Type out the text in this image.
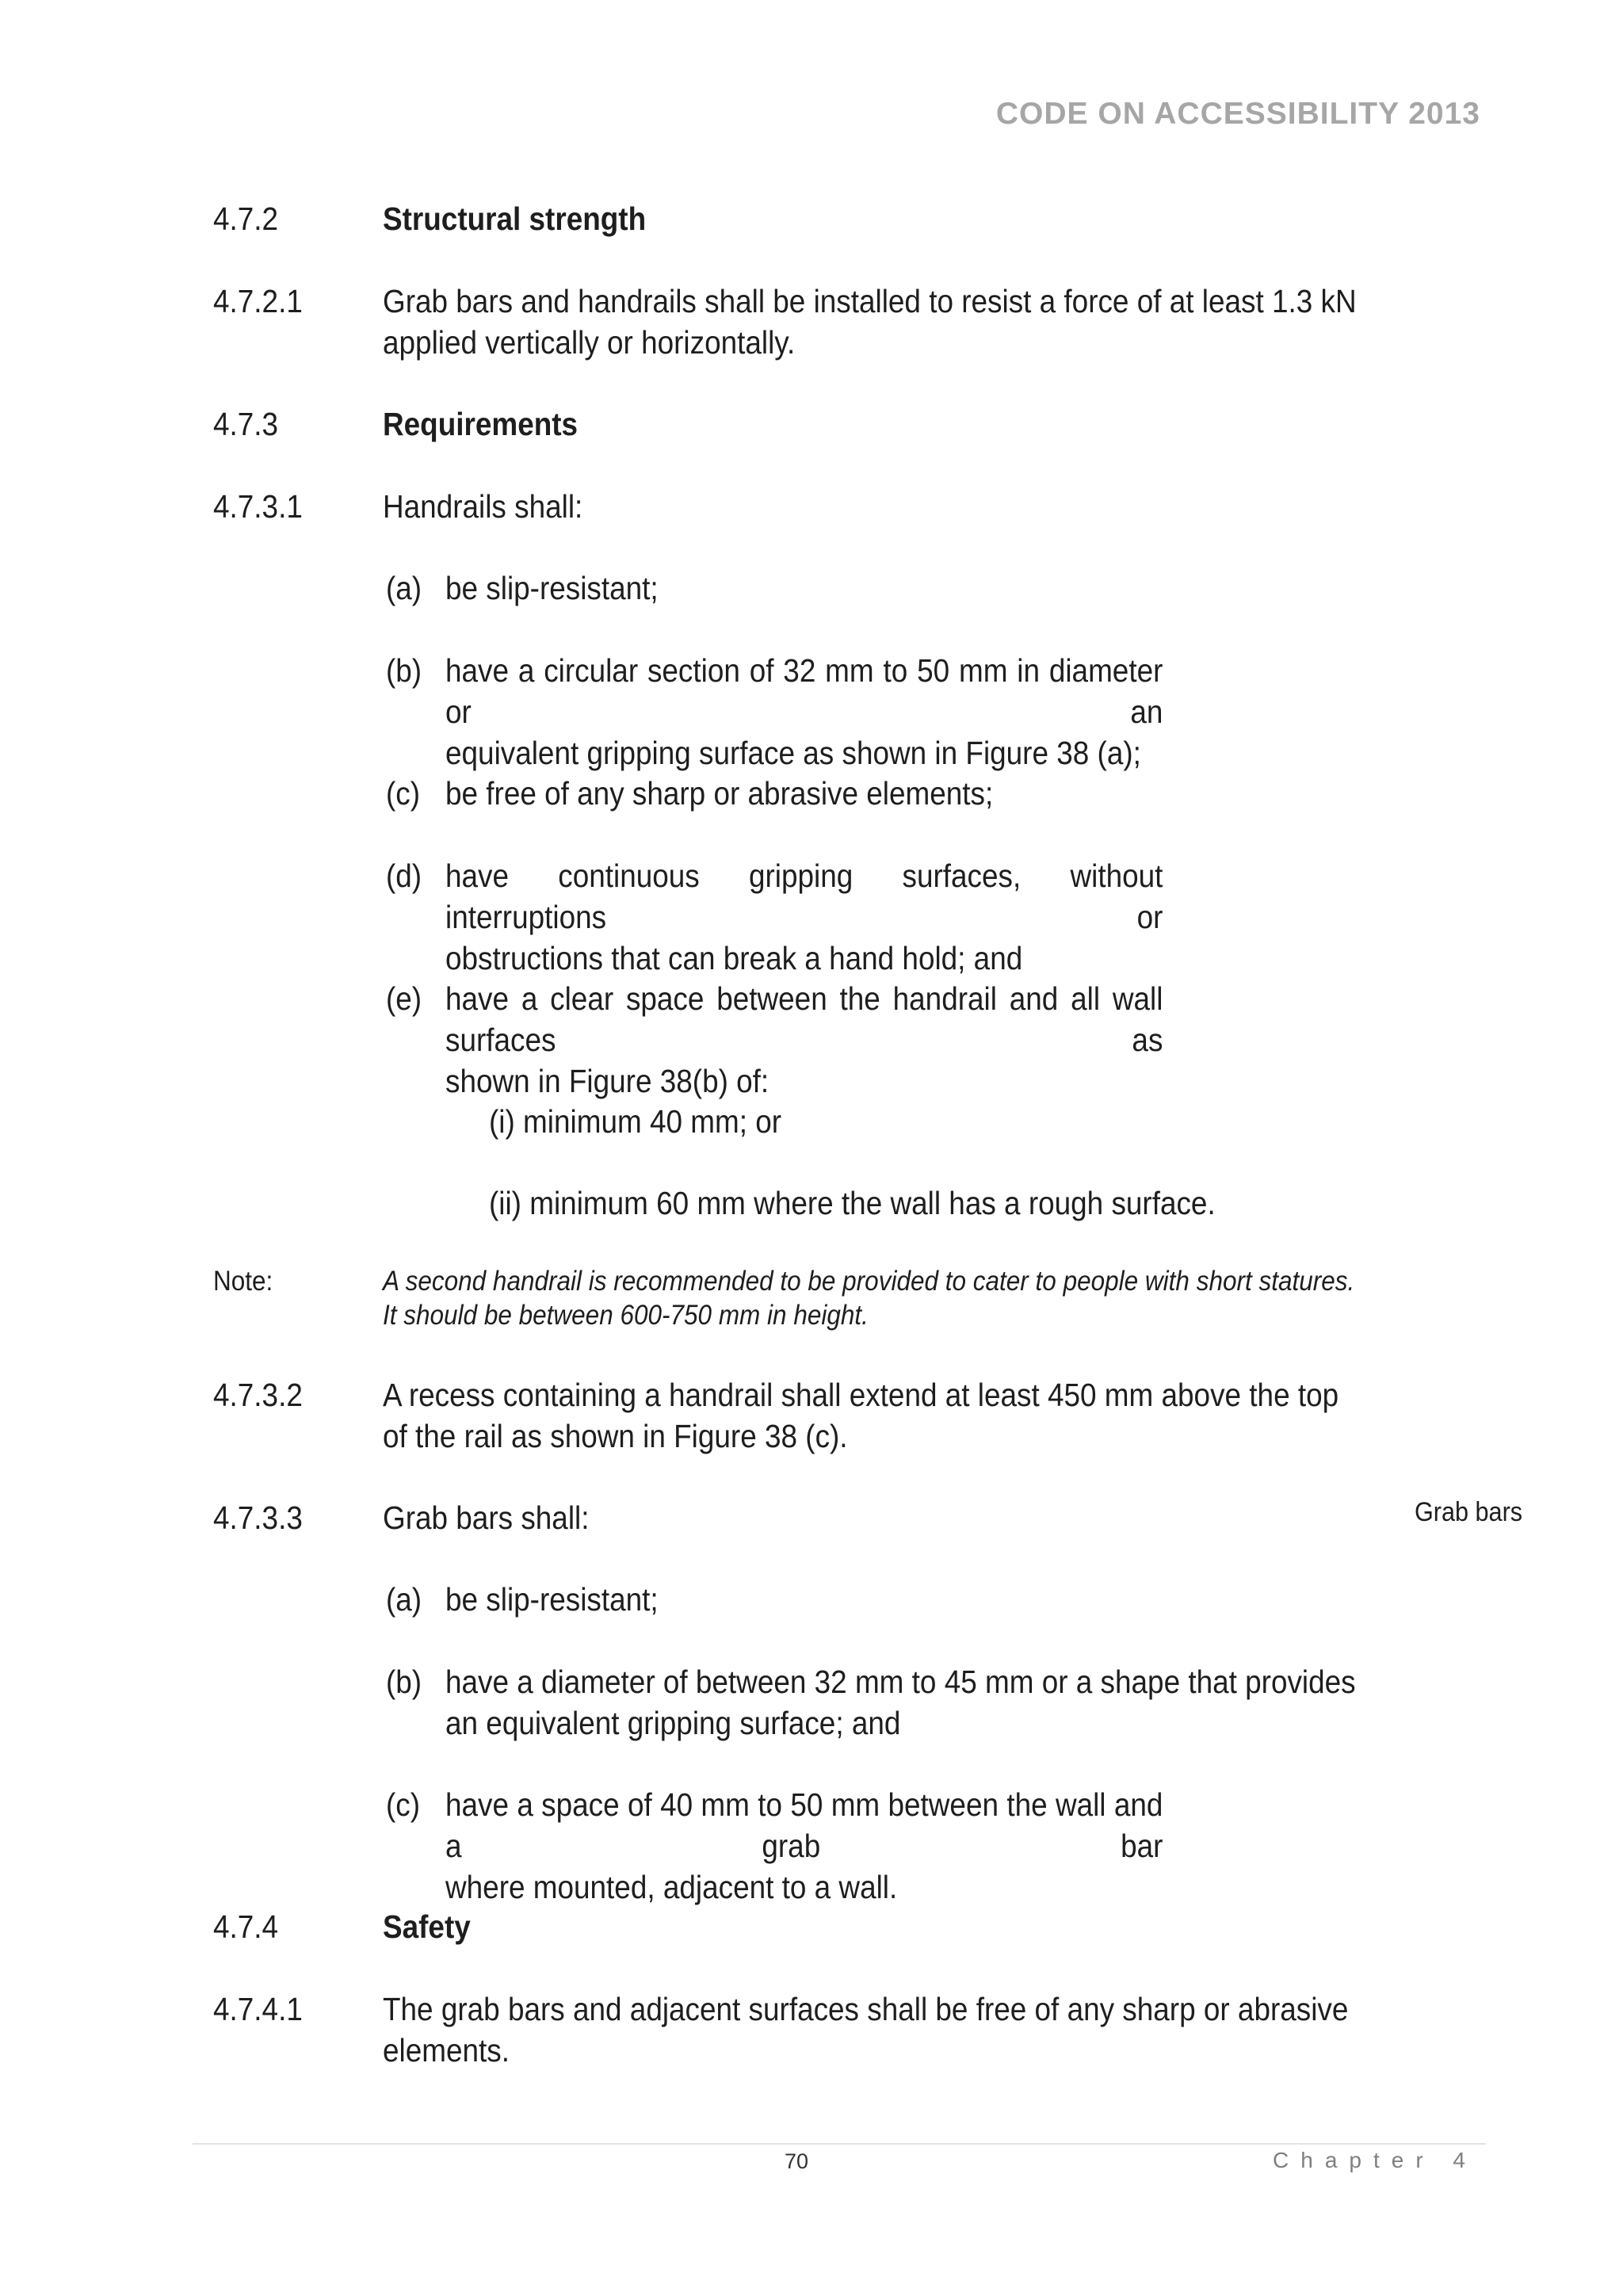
CODE ON ACCESSIBILITY 2013
4.7.2	Structural strength
4.7.2.1 Grab bars and handrails shall be installed to resist a force of at least 1.3 kN
applied vertically or horizontally.
4.7.3	Requirements
4.7.3.1 Handrails shall:
(a) be slip-resistant;
(b) have a circular section of 32 mm to 50 mm in diameter or an
equivalent gripping surface as shown in Figure 38 (a);
(c) be free of any sharp or abrasive elements;
(d) have continuous gripping surfaces, without interruptions or
obstructions that can break a hand hold; and
(e) have a clear space between the handrail and all wall surfaces as
shown in Figure 38(b) of:
(i) minimum 40 mm; or
(ii) minimum 60 mm where the wall has a rough surface.
Note:	A second handrail is recommended to be provided to cater to people with short statures.
It should be between 600-750 mm in height.
4.7.3.2 A recess containing a handrail shall extend at least 450 mm above the top
of the rail as shown in Figure 38 (c).
4.7.3.3 Grab bars shall:	Grab bars
(a) be slip-resistant;
(b) have a diameter of between 32 mm to 45 mm or a shape that provides
an equivalent gripping surface; and
(c) have a space of 40 mm to 50 mm between the wall and a grab bar
where mounted, adjacent to a wall.
4.7.4	Safety
4.7.4.1 The grab bars and adjacent surfaces shall be free of any sharp or abrasive
elements.
70	Chapter 4
